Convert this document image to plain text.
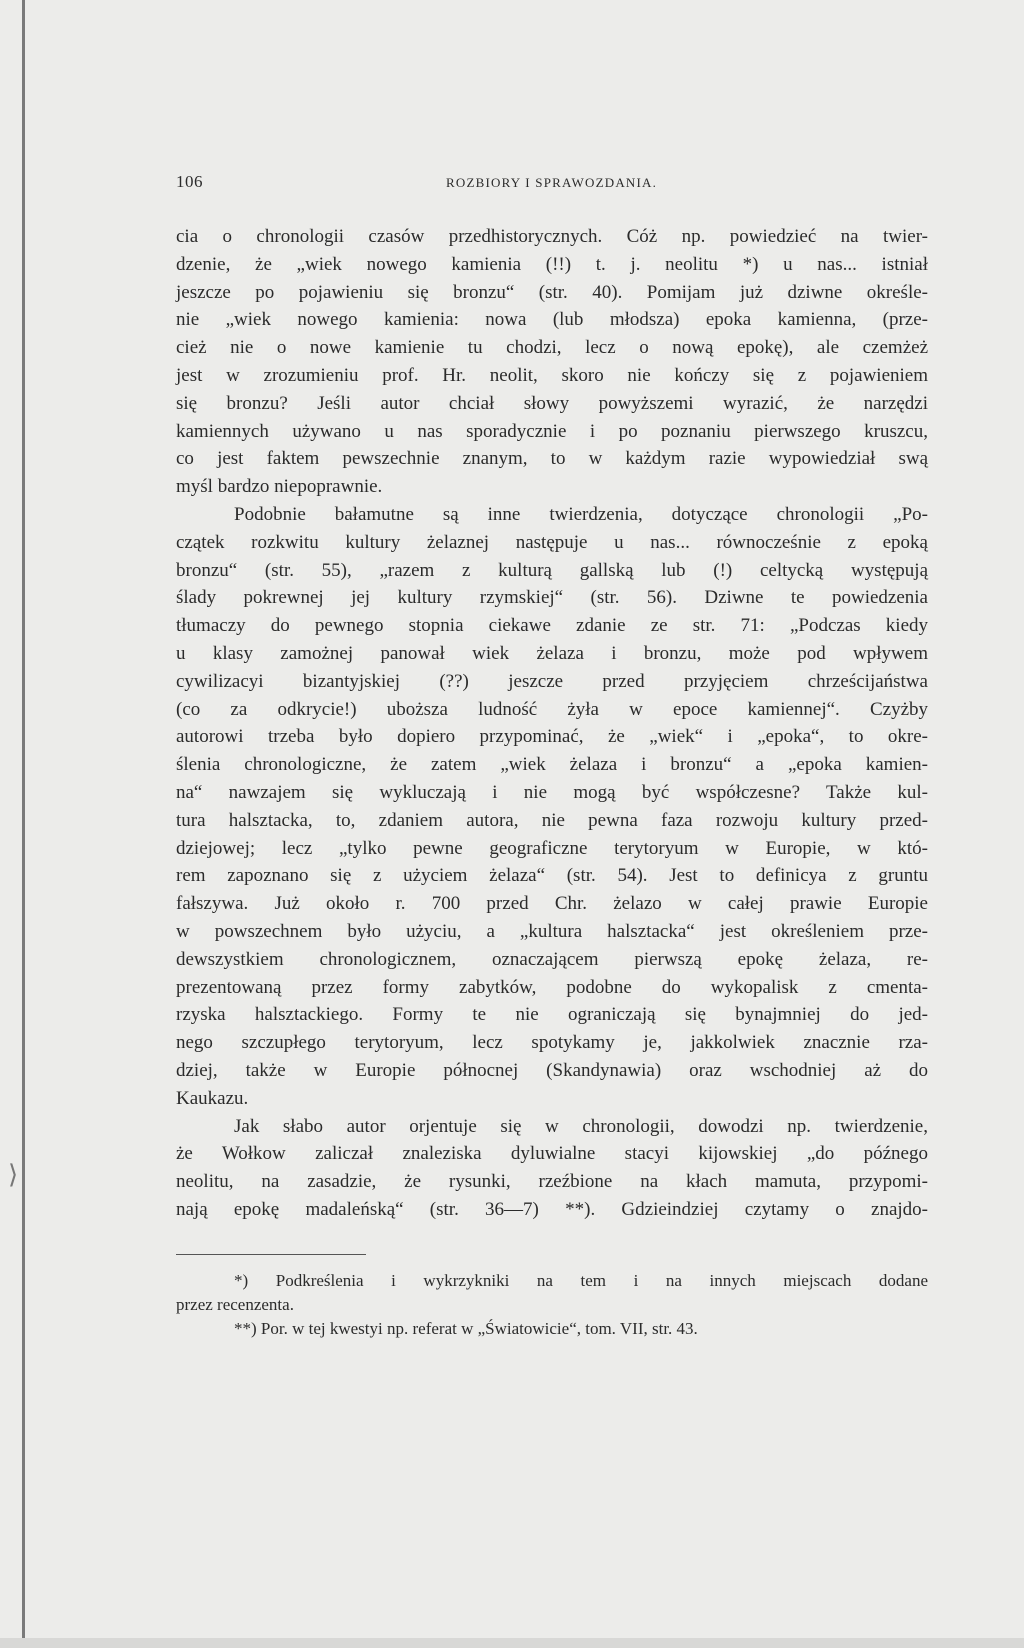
⟩
106	ROZBIORY I SPRAWOZDANIA.
cia o chronologii czasów przedhistorycznych. Cóż np. powiedzieć na twier-
dzenie, że „wiek nowego kamienia (!!) t. j. neolitu *) u nas... istniał
jeszcze po pojawieniu się bronzu“ (str. 40). Pomijam już dziwne określe-
nie „wiek nowego kamienia: nowa (lub młodsza) epoka kamienna, (prze-
cież nie o nowe kamienie tu chodzi, lecz o nową epokę), ale czemżeż
jest w zrozumieniu prof. Hr. neolit, skoro nie kończy się z pojawieniem
się bronzu? Jeśli autor chciał słowy powyższemi wyrazić, że narzędzi
kamiennych używano u nas sporadycznie i po poznaniu pierwszego kruszcu,
co jest faktem pewszechnie znanym, to w każdym razie wypowiedział swą
myśl bardzo niepoprawnie.
Podobnie bałamutne są inne twierdzenia, dotyczące chronologii „Po-
czątek rozkwitu kultury żelaznej następuje u nas... równocześnie z epoką
bronzu“ (str. 55), „razem z kulturą gallską lub (!) celtycką występują
ślady pokrewnej jej kultury rzymskiej“ (str. 56). Dziwne te powiedzenia
tłumaczy do pewnego stopnia ciekawe zdanie ze str. 71: „Podczas kiedy
u klasy zamożnej panował wiek żelaza i bronzu, może pod wpływem
cywilizacyi bizantyjskiej (??) jeszcze przed przyjęciem chrześcijaństwa
(co za odkrycie!) uboższa ludność żyła w epoce kamiennej“. Czyżby
autorowi trzeba było dopiero przypominać, że „wiek“ i „epoka“, to okre-
ślenia chronologiczne, że zatem „wiek żelaza i bronzu“ a „epoka kamien-
na“ nawzajem się wykluczają i nie mogą być współczesne? Także kul-
tura halsztacka, to, zdaniem autora, nie pewna faza rozwoju kultury przed-
dziejowej; lecz „tylko pewne geograficzne terytoryum w Europie, w któ-
rem zapoznano się z użyciem żelaza“ (str. 54). Jest to definicya z gruntu
fałszywa. Już około r. 700 przed Chr. żelazo w całej prawie Europie
w powszechnem było użyciu, a „kultura halsztacka“ jest określeniem prze-
dewszystkiem chronologicznem, oznaczającem pierwszą epokę żelaza, re-
prezentowaną przez formy zabytków, podobne do wykopalisk z cmenta-
rzyska halsztackiego. Formy te nie ograniczają się bynajmniej do jed-
nego szczupłego terytoryum, lecz spotykamy je, jakkolwiek znacznie rza-
dziej, także w Europie północnej (Skandynawia) oraz wschodniej aż do
Kaukazu.
Jak słabo autor orjentuje się w chronologii, dowodzi np. twierdzenie,
że Wołkow zaliczał znaleziska dyluwialne stacyi kijowskiej „do późnego
neolitu, na zasadzie, że rysunki, rzeźbione na kłach mamuta, przypomi-
nają epokę madaleńską“ (str. 36—7) **). Gdzieindziej czytamy o znajdo-
*) Podkreślenia i wykrzykniki na tem i na innych miejscach dodane
przez recenzenta.
**) Por. w tej kwestyi np. referat w „Światowicie“, tom. VII, str. 43.
